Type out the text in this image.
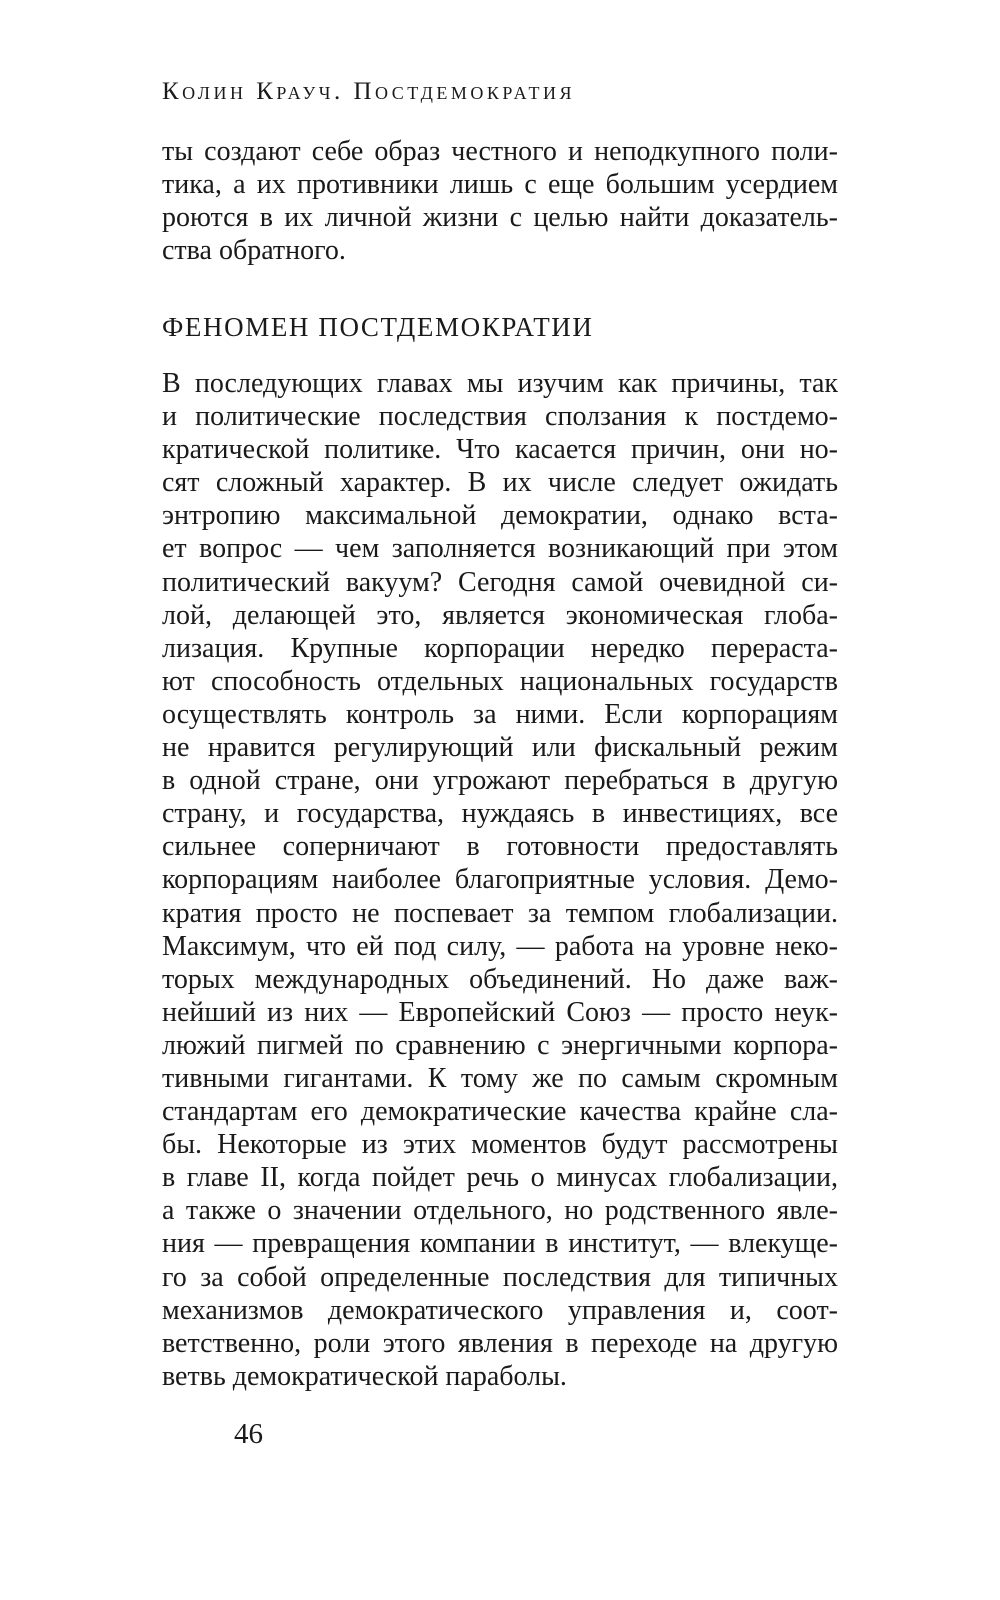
Колин Крауч. Постдемократия
ты создают себе образ честного и неподкупного поли-
тика, а их противники лишь с еще большим усердием
роются в их личной жизни с целью найти доказатель-
ства обратного.
ФЕНОМЕН ПОСТДЕМОКРАТИИ
В последующих главах мы изучим как причины, так
и политические последствия сползания к постдемо-
кратической политике. Что касается причин, они но-
сят сложный характер. В их числе следует ожидать
энтропию максимальной демократии, однако вста-
ет вопрос — чем заполняется возникающий при этом
политический вакуум? Сегодня самой очевидной си-
лой, делающей это, является экономическая глоба-
лизация. Крупные корпорации нередко перераста-
ют способность отдельных национальных государств
осуществлять контроль за ними. Если корпорациям
не нравится регулирующий или фискальный режим
в одной стране, они угрожают перебраться в другую
страну, и государства, нуждаясь в инвестициях, все
сильнее соперничают в готовности предоставлять
корпорациям наиболее благоприятные условия. Демо-
кратия просто не поспевает за темпом глобализации.
Максимум, что ей под силу, — работа на уровне неко-
торых международных объединений. Но даже важ-
нейший из них — Европейский Союз — просто неук-
люжий пигмей по сравнению с энергичными корпора-
тивными гигантами. К тому же по самым скромным
стандартам его демократические качества крайне сла-
бы. Некоторые из этих моментов будут рассмотрены
в главе II, когда пойдет речь о минусах глобализации,
а также о значении отдельного, но родственного явле-
ния — превращения компании в институт, — влекуще-
го за собой определенные последствия для типичных
механизмов демократического управления и, соот-
ветственно, роли этого явления в переходе на другую
ветвь демократической параболы.
46
